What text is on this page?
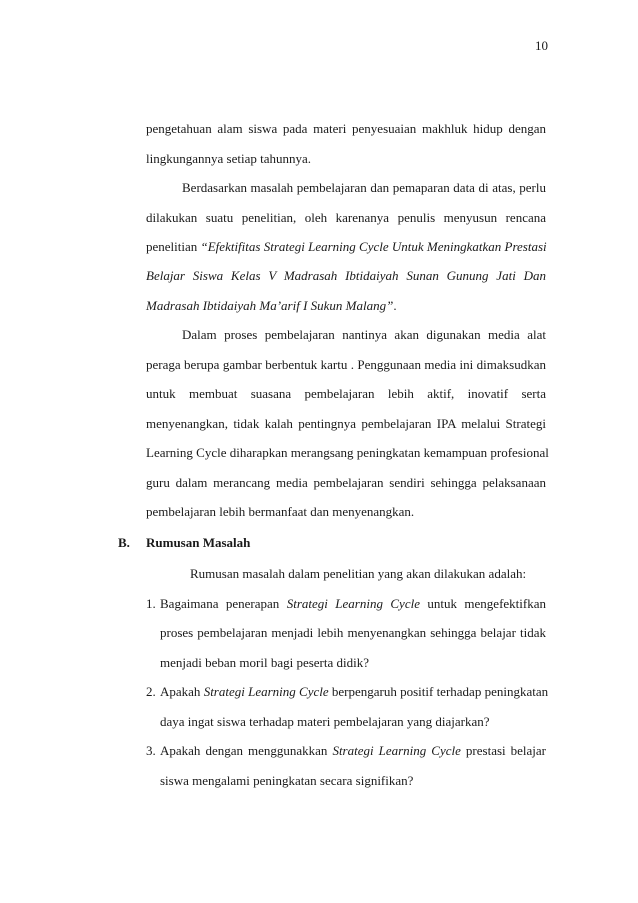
10
pengetahuan alam siswa pada materi penyesuaian makhluk hidup dengan
lingkungannya setiap tahunnya.
Berdasarkan masalah pembelajaran dan pemaparan data di atas, perlu
dilakukan suatu penelitian, oleh karenanya penulis menyusun rencana
penelitian “Efektifitas Strategi Learning Cycle Untuk Meningkatkan Prestasi
Belajar Siswa Kelas V Madrasah Ibtidaiyah Sunan Gunung Jati Dan
Madrasah Ibtidaiyah Ma’arif I Sukun Malang”.
Dalam proses pembelajaran nantinya akan digunakan media alat
peraga berupa gambar berbentuk kartu . Penggunaan media ini dimaksudkan
untuk membuat suasana pembelajaran lebih aktif, inovatif serta
menyenangkan, tidak kalah pentingnya pembelajaran IPA melalui Strategi
Learning Cycle diharapkan merangsang peningkatan kemampuan profesional
guru dalam merancang media pembelajaran sendiri sehingga pelaksanaan
pembelajaran lebih bermanfaat dan menyenangkan.
B. Rumusan Masalah
Rumusan masalah dalam penelitian yang akan dilakukan adalah:
1. Bagaimana penerapan Strategi Learning Cycle untuk mengefektifkan
proses pembelajaran menjadi lebih menyenangkan sehingga belajar tidak
menjadi beban moril bagi peserta didik?
2. Apakah Strategi Learning Cycle berpengaruh positif terhadap peningkatan
daya ingat siswa terhadap materi pembelajaran yang diajarkan?
3. Apakah dengan menggunakkan Strategi Learning Cycle prestasi belajar
siswa mengalami peningkatan secara signifikan?
